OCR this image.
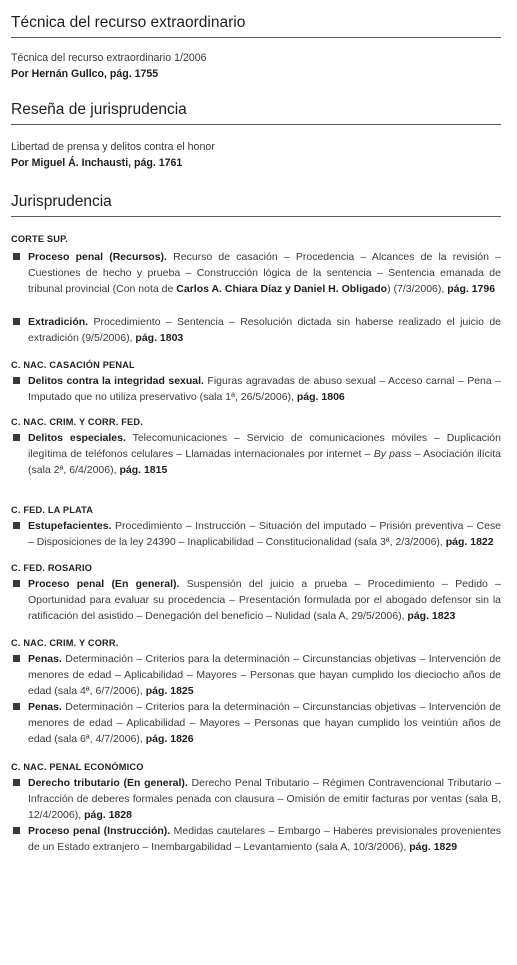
Técnica del recurso extraordinario
Técnica del recurso extraordinario 1/2006
Por Hernán Gullco, pág. 1755
Reseña de jurisprudencia
Libertad de prensa y delitos contra el honor
Por Miguel Á. Inchausti, pág. 1761
Jurisprudencia
CORTE SUP.

Proceso penal (Recursos). Recurso de casación – Procedencia – Alcances de la revisión – Cuestiones de hecho y prueba – Construcción lógica de la sentencia – Sentencia emanada de tribunal provincial (Con nota de Carlos A. Chiara Díaz y Daniel H. Obligado) (7/3/2006), pág. 1796

Extradición. Procedimiento – Sentencia – Resolución dictada sin haberse realizado el juicio de extradición (9/5/2006), pág. 1803

C. NAC. CASACIÓN PENAL

Delitos contra la integridad sexual. Figuras agravadas de abuso sexual – Acceso carnal – Pena – Imputado que no utiliza preservativo (sala 1ª, 26/5/2006), pág. 1806

C. NAC. CRIM. Y CORR. FED.

Delitos especiales. Telecomunicaciones – Servicio de comunicaciones móviles – Duplicación ilegítima de teléfonos celulares – Llamadas internacionales por internet – By pass – Asociación ilícita (sala 2ª, 6/4/2006), pág. 1815

C. FED. LA PLATA

Estupefacientes. Procedimiento – Instrucción – Situación del imputado – Prisión preventiva – Cese – Disposiciones de la ley 24390 – Inaplicabilidad – Constitucionalidad (sala 3ª, 2/3/2006), pág. 1822

C. FED. ROSARIO

Proceso penal (En general). Suspensión del juicio a prueba – Procedimiento – Pedido – Oportunidad para evaluar su procedencia – Presentación formulada por el abogado defensor sin la ratificación del asistido – Denegación del beneficio – Nulidad (sala A, 29/5/2006), pág. 1823

C. NAC. CRIM. Y CORR.

Penas. Determinación – Criterios para la determinación – Circunstancias objetivas – Intervención de menores de edad – Aplicabilidad – Mayores – Personas que hayan cumplido los dieciocho años de edad (sala 4ª, 6/7/2006), pág. 1825

Penas. Determinación – Criterios para la determinación – Circunstancias objetivas – Intervención de menores de edad – Aplicabilidad – Mayores – Personas que hayan cumplido los veintiún años de edad (sala 6ª, 4/7/2006), pág. 1826

C. NAC. PENAL ECONÓMICO

Derecho tributario (En general). Derecho Penal Tributario – Régimen Contravencional Tributario – Infracción de deberes formales penada con clausura – Omisión de emitir facturas por ventas (sala B, 12/4/2006), pág. 1828

Proceso penal (Instrucción). Medidas cautelares – Embargo – Haberes previsionales provenientes de un Estado extranjero – Inembargabilidad – Levantamiento (sala A, 10/3/2006), pág. 1829
